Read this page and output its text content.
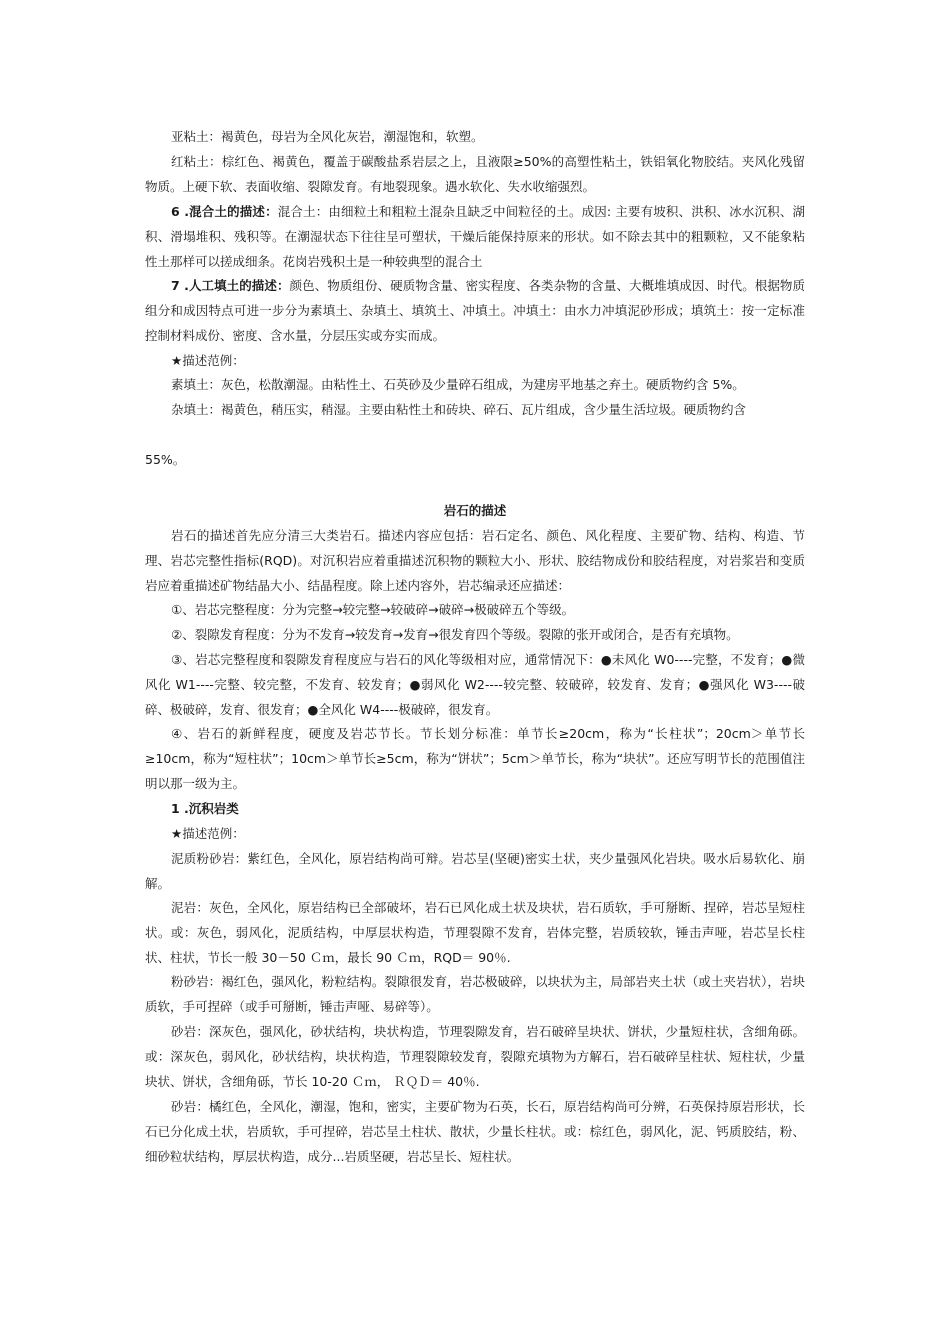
亚粘土：褐黄色，母岩为全风化灰岩，潮湿饱和，软塑。

红粘土：棕红色、褐黄色，覆盖于碳酸盐系岩层之上，且液限≥50%的高塑性粘土，铁铝氧化物胶结。夹风化残留物质。上硬下软、表面收缩、裂隙发育。有地裂现象。遇水软化、失水收缩强烈。

6 .混合土的描述：混合土：由细粒土和粗粒土混杂且缺乏中间粒径的土。成因: 主要有坡积、洪积、冰水沉积、湖积、滑塌堆积、残积等。在潮湿状态下往往呈可塑状，干燥后能保持原来的形状。如不除去其中的粗颗粒，又不能象粘性土那样可以搓成细条。花岗岩残积土是一种较典型的混合土

7 .人工填土的描述：颜色、物质组份、硬质物含量、密实程度、各类杂物的含量、大概堆填成因、时代。根据物质组分和成因特点可进一步分为素填土、杂填土、填筑土、冲填土。冲填土：由水力冲填泥砂形成；填筑土：按一定标准控制材料成份、密度、含水量，分层压实或夯实而成。

★描述范例：

素填土：灰色，松散潮湿。由粘性土、石英砂及少量碎石组成，为建房平地基之弃土。硬质物约含 5%。

杂填土：褐黄色，稍压实，稍湿。主要由粘性土和砖块、碎石、瓦片组成，含少量生活垃圾。硬质物约含

55%。

岩石的描述

岩石的描述首先应分清三大类岩石。描述内容应包括：岩石定名、颜色、风化程度、主要矿物、结构、构造、节理、岩芯完整性指标(RQD)。对沉积岩应着重描述沉积物的颗粒大小、形状、胶结物成份和胶结程度，对岩浆岩和变质岩应着重描述矿物结晶大小、结晶程度。除上述内容外，岩芯编录还应描述：

①、岩芯完整程度：分为完整→较完整→较破碎→破碎→极破碎五个等级。

②、裂隙发育程度：分为不发育→较发育→发育→很发育四个等级。裂隙的张开或闭合，是否有充填物。

③、岩芯完整程度和裂隙发育程度应与岩石的风化等级相对应，通常情况下：●未风化 W0----完整，不发育；●微风化 W1----完整、较完整，不发育、较发育；●弱风化 W2----较完整、较破碎，较发育、发育；●强风化 W3----破碎、极破碎，发育、很发育；●全风化 W4----极破碎，很发育。

④、岩石的新鲜程度，硬度及岩芯节长。节长划分标准：单节长≥20cm，称为“长柱状”；20cm＞单节长≥10cm，称为“短柱状”；10cm＞单节长≥5cm，称为“饼状”；5cm＞单节长，称为“块状”。还应写明节长的范围值注明以那一级为主。

1 .沉积岩类

★描述范例：

泥质粉砂岩：紫红色，全风化，原岩结构尚可辩。岩芯呈(坚硬)密实土状，夹少量强风化岩块。吸水后易软化、崩解。

泥岩：灰色，全风化，原岩结构已全部破坏，岩石已风化成土状及块状，岩石质软，手可掰断、捏碎，岩芯呈短柱状。或：灰色，弱风化，泥质结构，中厚层状构造，节理裂隙不发育，岩体完整，岩质较软，锤击声哑，岩芯呈长柱状、柱状，节长一般 30－50 Ｃｍ，最长 90 Ｃｍ，RQD＝ 90％.

粉砂岩：褐红色，强风化，粉粒结构。裂隙很发育，岩芯极破碎，以块状为主，局部岩夹土状（或土夹岩状），岩块质软，手可捏碎（或手可掰断，锤击声哑、易碎等）。

砂岩：深灰色，强风化，砂状结构，块状构造，节理裂隙发育，岩石破碎呈块状、饼状，少量短柱状，含细角砾。或：深灰色，弱风化，砂状结构，块状构造，节理裂隙较发育，裂隙充填物为方解石，岩石破碎呈柱状、短柱状，少量块状、饼状，含细角砾，节长 10-20 Ｃｍ， ＲＱＤ＝ 40％.

砂岩：橘红色，全风化，潮湿，饱和，密实，主要矿物为石英，长石，原岩结构尚可分辨，石英保持原岩形状，长石已分化成土状，岩质软，手可捏碎，岩芯呈土柱状、散状，少量长柱状。或：棕红色，弱风化，泥、钙质胶结，粉、细砂粒状结构，厚层状构造，成分...岩质坚硬，岩芯呈长、短柱状。
